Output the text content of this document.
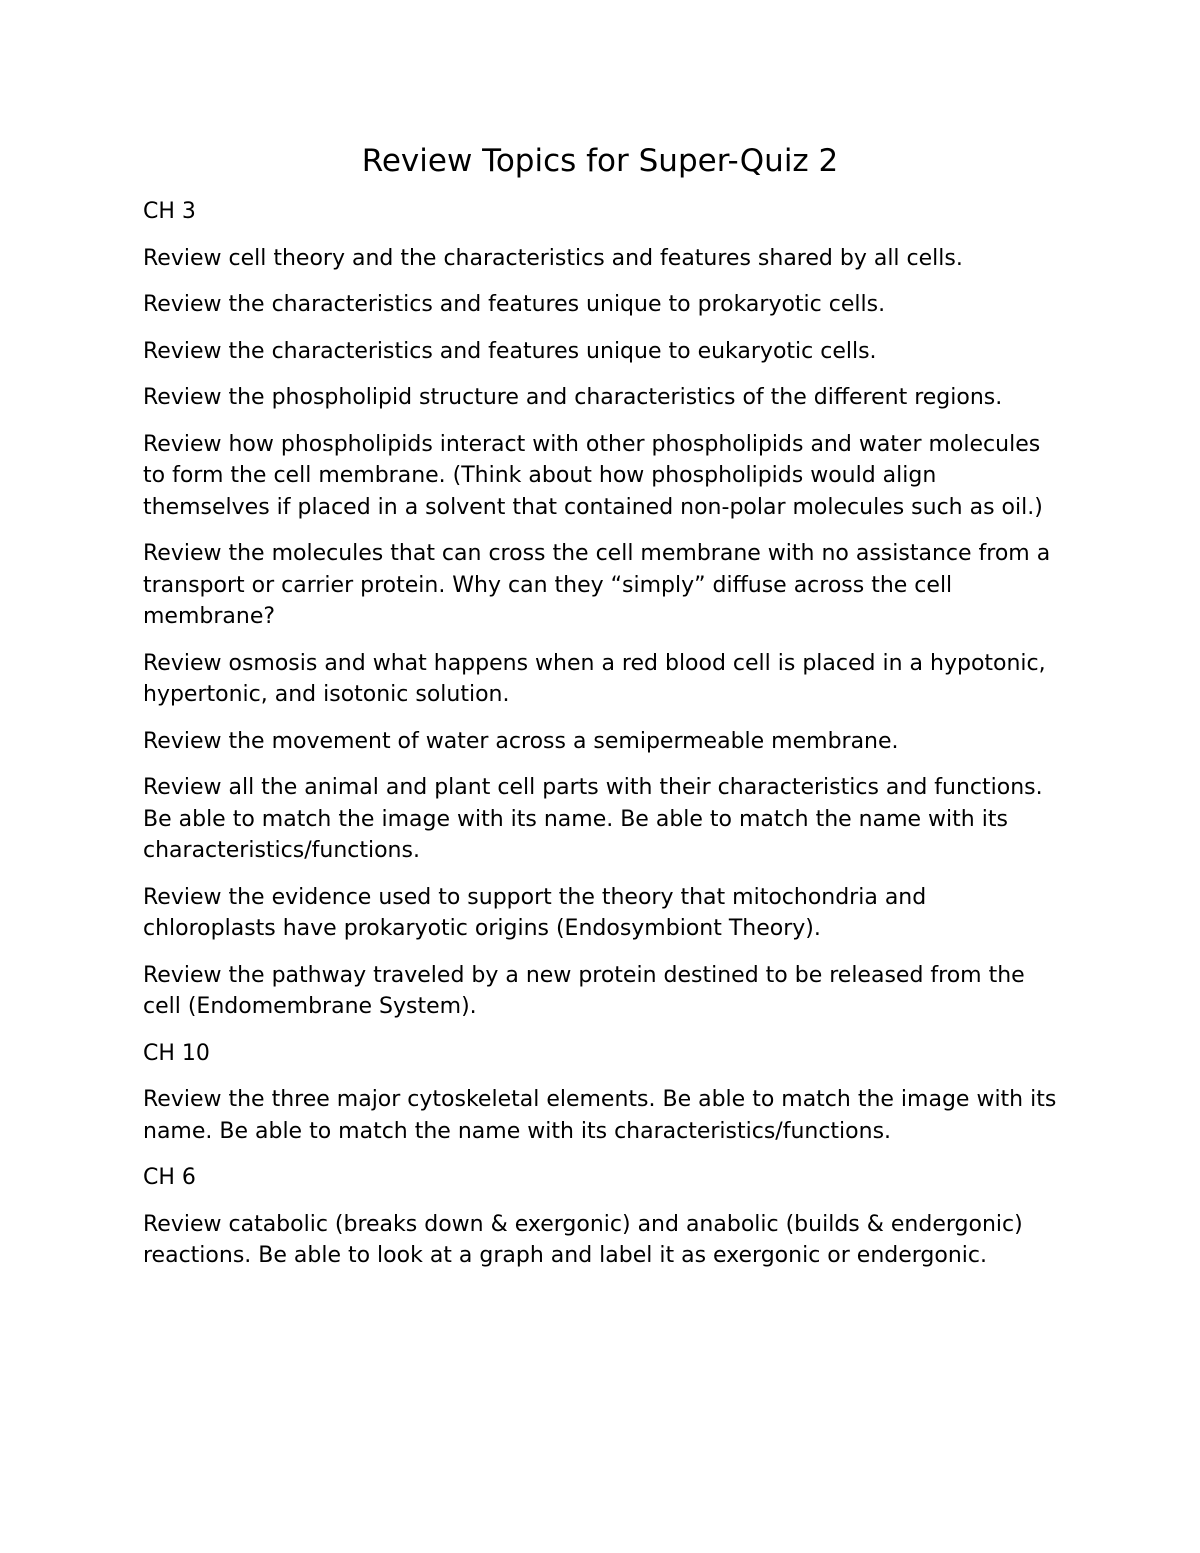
Review Topics for Super-Quiz 2

CH 3

Review cell theory and the characteristics and features shared by all cells.

Review the characteristics and features unique to prokaryotic cells.

Review the characteristics and features unique to eukaryotic cells.

Review the phospholipid structure and characteristics of the different regions.

Review how phospholipids interact with other phospholipids and water molecules to form the cell membrane. (Think about how phospholipids would align themselves if placed in a solvent that contained non-polar molecules such as oil.)

Review the molecules that can cross the cell membrane with no assistance from a transport or carrier protein. Why can they “simply” diffuse across the cell membrane?

Review osmosis and what happens when a red blood cell is placed in a hypotonic, hypertonic, and isotonic solution.

Review the movement of water across a semipermeable membrane.

Review all the animal and plant cell parts with their characteristics and functions. Be able to match the image with its name. Be able to match the name with its characteristics/functions.

Review the evidence used to support the theory that mitochondria and chloroplasts have prokaryotic origins (Endosymbiont Theory).

Review the pathway traveled by a new protein destined to be released from the cell (Endomembrane System).

CH 10

Review the three major cytoskeletal elements. Be able to match the image with its name. Be able to match the name with its characteristics/functions.

CH 6

Review catabolic (breaks down & exergonic) and anabolic (builds & endergonic) reactions. Be able to look at a graph and label it as exergonic or endergonic.
